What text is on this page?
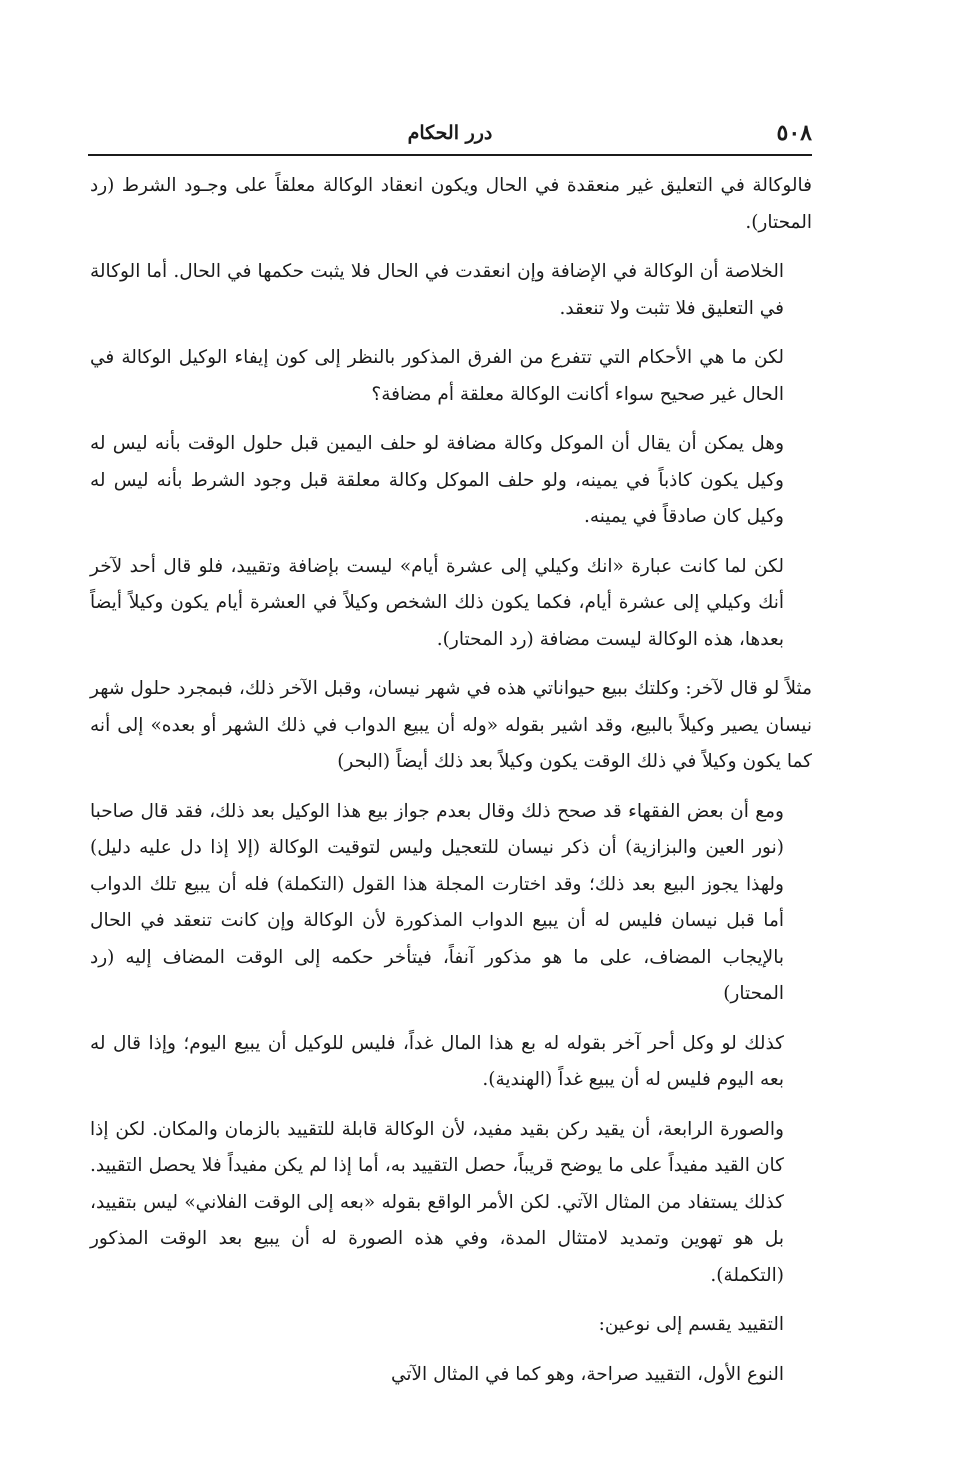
٥٠٨
درر الحكام

فالوكالة في التعليق غير منعقدة في الحال ويكون انعقاد الوكالة معلقاً على وجـود الشرط (رد المحتار).

الخلاصة أن الوكالة في الإضافة وإن انعقدت في الحال فلا يثبت حكمها في الحال. أما الوكالة في التعليق فلا تثبت ولا تنعقد.

لكن ما هي الأحكام التي تتفرع من الفرق المذكور بالنظر إلى كون إيفاء الوكيل الوكالة في الحال غير صحيح سواء أكانت الوكالة معلقة أم مضافة؟

وهل يمكن أن يقال أن الموكل وكالة مضافة لو حلف اليمين قبل حلول الوقت بأنه ليس له وكيل يكون كاذباً في يمينه، ولو حلف الموكل وكالة معلقة قبل وجود الشرط بأنه ليس له وكيل كان صادقاً في يمينه.

لكن لما كانت عبارة «انك وكيلي إلى عشرة أيام» ليست بإضافة وتقييد، فلو قال أحد لآخر أنك وكيلي إلى عشرة أيام، فكما يكون ذلك الشخص وكيلاً في العشرة أيام يكون وكيلاً أيضاً بعدها، هذه الوكالة ليست مضافة (رد المحتار).

مثلاً لو قال لآخر: وكلتك ببيع حيواناتي هذه في شهر نيسان، وقبل الآخر ذلك، فبمجرد حلول شهر نيسان يصير وكيلاً بالبيع، وقد اشير بقوله «وله أن يبيع الدواب في ذلك الشهر أو بعده» إلى أنه كما يكون وكيلاً في ذلك الوقت يكون وكيلاً بعد ذلك أيضاً (البحر)

ومع أن بعض الفقهاء قد صحح ذلك وقال بعدم جواز بيع هذا الوكيل بعد ذلك، فقد قال صاحبا (نور العين والبزازية) أن ذكر نيسان للتعجيل وليس لتوقيت الوكالة (إلا إذا دل عليه دليل) ولهذا يجوز البيع بعد ذلك؛ وقد اختارت المجلة هذا القول (التكملة) فله أن يبيع تلك الدواب أما قبل نيسان فليس له أن يبيع الدواب المذكورة لأن الوكالة وإن كانت تنعقد في الحال بالإيجاب المضاف، على ما هو مذكور آنفاً، فيتأخر حكمه إلى الوقت المضاف إليه (رد المحتار)

كذلك لو وكل أحر آخر بقوله له بع هذا المال غداً، فليس للوكيل أن يبيع اليوم؛ وإذا قال له بعه اليوم فليس له أن يبيع غداً (الهندية).

والصورة الرابعة، أن يقيد ركن بقيد مفيد، لأن الوكالة قابلة للتقييد بالزمان والمكان. لكن إذا كان القيد مفيداً على ما يوضح قريباً، حصل التقييد به، أما إذا لم يكن مفيداً فلا يحصل التقييد. كذلك يستفاد من المثال الآتي. لكن الأمر الواقع بقوله «بعه إلى الوقت الفلاني» ليس بتقييد، بل هو تهوين وتمديد لامتثال المدة، وفي هذه الصورة له أن يبيع بعد الوقت المذكور (التكملة).

التقييد يقسم إلى نوعين:

النوع الأول، التقييد صراحة، وهو كما في المثال الآتي
